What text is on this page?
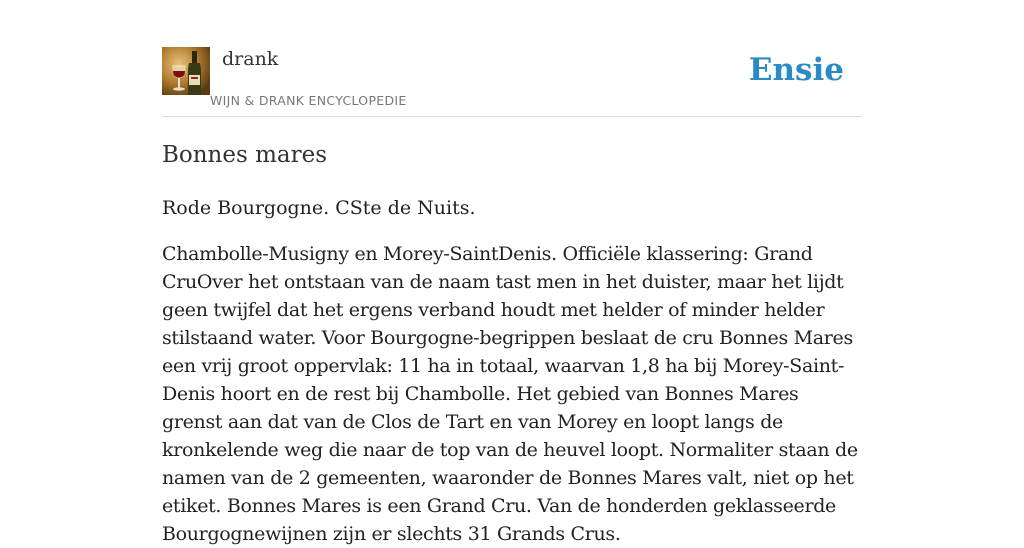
drank
WIJN & DRANK ENCYCLOPEDIE
Ensie
Bonnes mares

Rode Bourgogne. CSte de Nuits.

Chambolle-Musigny en Morey-SaintDenis. Officiële klassering: Grand CruOver het ontstaan van de naam tast men in het duister, maar het lijdt geen twijfel dat het ergens verband houdt met helder of minder helder stilstaand water. Voor Bourgogne-begrippen beslaat de cru Bonnes Mares een vrij groot oppervlak: 11 ha in totaal, waarvan 1,8 ha bij Morey-Saint-Denis hoort en de rest bij Chambolle. Het gebied van Bonnes Mares grenst aan dat van de Clos de Tart en van Morey en loopt langs de kronkelende weg die naar de top van de heuvel loopt. Normaliter staan de namen van de 2 gemeenten, waaronder de Bonnes Mares valt, niet op het etiket. Bonnes Mares is een Grand Cru. Van de honderden geklasseerde Bourgognewijnen zijn er slechts 31 Grands Crus.
